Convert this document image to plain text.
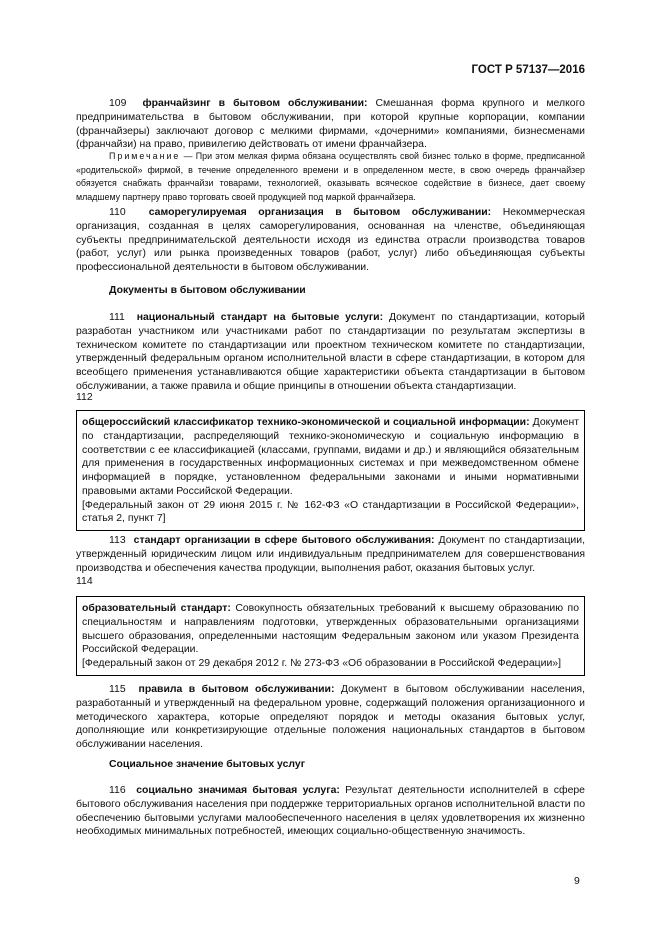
ГОСТ Р 57137—2016

109 франчайзинг в бытовом обслуживании: Смешанная форма крупного и мелкого предпринимательства в бытовом обслуживании, при которой крупные корпорации, компании (франчайзеры) заключают договор с мелкими фирмами, «дочерними» компаниями, бизнесменами (франчайзи) на право, привилегию действовать от имени франчайзера.

Примечание — При этом мелкая фирма обязана осуществлять свой бизнес только в форме, предписанной «родительской» фирмой, в течение определенного времени и в определенном месте, в свою очередь франчайзер обязуется снабжать франчайзи товарами, технологией, оказывать всяческое содействие в бизнесе, дает своему младшему партнеру право торговать своей продукцией под маркой франчайзера.

110 саморегулируемая организация в бытовом обслуживании: Некоммерческая организация, созданная в целях саморегулирования, основанная на членстве, объединяющая субъекты предпринимательской деятельности исходя из единства отрасли производства товаров (работ, услуг) или рынка произведенных товаров (работ, услуг) либо объединяющая субъекты профессиональной деятельности в бытовом обслуживании.

Документы в бытовом обслуживании

111 национальный стандарт на бытовые услуги: Документ по стандартизации, который разработан участником или участниками работ по стандартизации по результатам экспертизы в техническом комитете по стандартизации или проектном техническом комитете по стандартизации, утвержденный федеральным органом исполнительной власти в сфере стандартизации, в котором для всеобщего применения устанавливаются общие характеристики объекта стандартизации в бытовом обслуживании, а также правила и общие принципы в отношении объекта стандартизации.

112

общероссийский классификатор технико-экономической и социальной информации: Документ по стандартизации, распределяющий технико-экономическую и социальную информацию в соответствии с ее классификацией (классами, группами, видами и др.) и являющийся обязательным для применения в государственных информационных системах и при межведомственном обмене информацией в порядке, установленном федеральными законами и иными нормативными правовыми актами Российской Федерации.

[Федеральный закон от 29 июня 2015 г. № 162-ФЗ «О стандартизации в Российской Федерации», статья 2, пункт 7]

113 стандарт организации в сфере бытового обслуживания: Документ по стандартизации, утвержденный юридическим лицом или индивидуальным предпринимателем для совершенствования производства и обеспечения качества продукции, выполнения работ, оказания бытовых услуг.

114

образовательный стандарт: Совокупность обязательных требований к высшему образованию по специальностям и направлениям подготовки, утвержденных образовательными организациями высшего образования, определенными настоящим Федеральным законом или указом Президента Российской Федерации.

[Федеральный закон от 29 декабря 2012 г. № 273-ФЗ «Об образовании в Российской Федерации»]

115 правила в бытовом обслуживании: Документ в бытовом обслуживании населения, разработанный и утвержденный на федеральном уровне, содержащий положения организационного и методического характера, которые определяют порядок и методы оказания бытовых услуг, дополняющие или конкретизирующие отдельные положения национальных стандартов в бытовом обслуживании населения.

Социальное значение бытовых услуг

116 социально значимая бытовая услуга: Результат деятельности исполнителей в сфере бытового обслуживания населения при поддержке территориальных органов исполнительной власти по обеспечению бытовыми услугами малообеспеченного населения в целях удовлетворения их жизненно необходимых минимальных потребностей, имеющих социально-общественную значимость.

9
